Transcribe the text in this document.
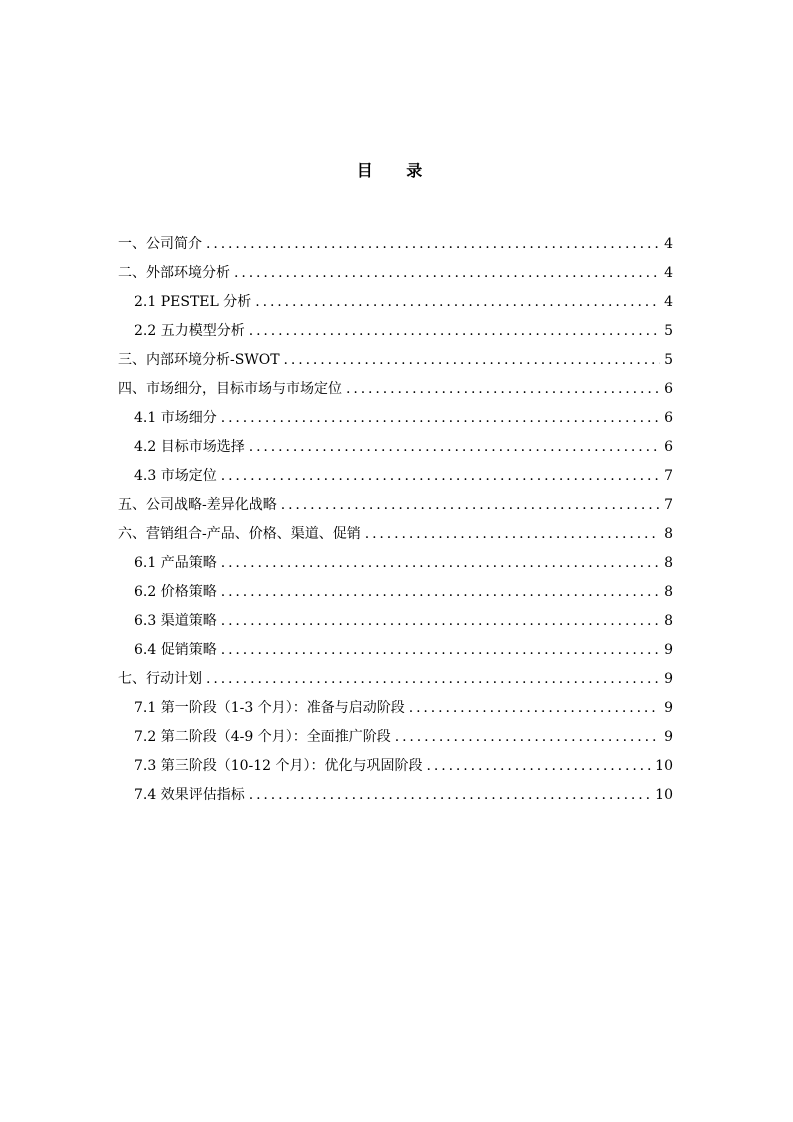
目 录
一、公司简介 .....	4
二、外部环境分析 .....	4
2.1 PESTEL 分析 .....	4
2.2 五力模型分析 .....	5
三、内部环境分析-SWOT .....	5
四、市场细分，目标市场与市场定位 .....	6
4.1 市场细分 .....	6
4.2 目标市场选择 .....	6
4.3 市场定位 .....	7
五、公司战略-差异化战略 .....	7
六、营销组合-产品、价格、渠道、促销 .....	8
6.1 产品策略 .....	8
6.2 价格策略 .....	8
6.3 渠道策略 .....	8
6.4 促销策略 .....	9
七、行动计划 .....	9
7.1 第一阶段（1-3 个月）：准备与启动阶段 .....	9
7.2 第二阶段（4-9 个月）：全面推广阶段 .....	9
7.3 第三阶段（10-12 个月）：优化与巩固阶段 .....	10
7.4 效果评估指标 .....	10
